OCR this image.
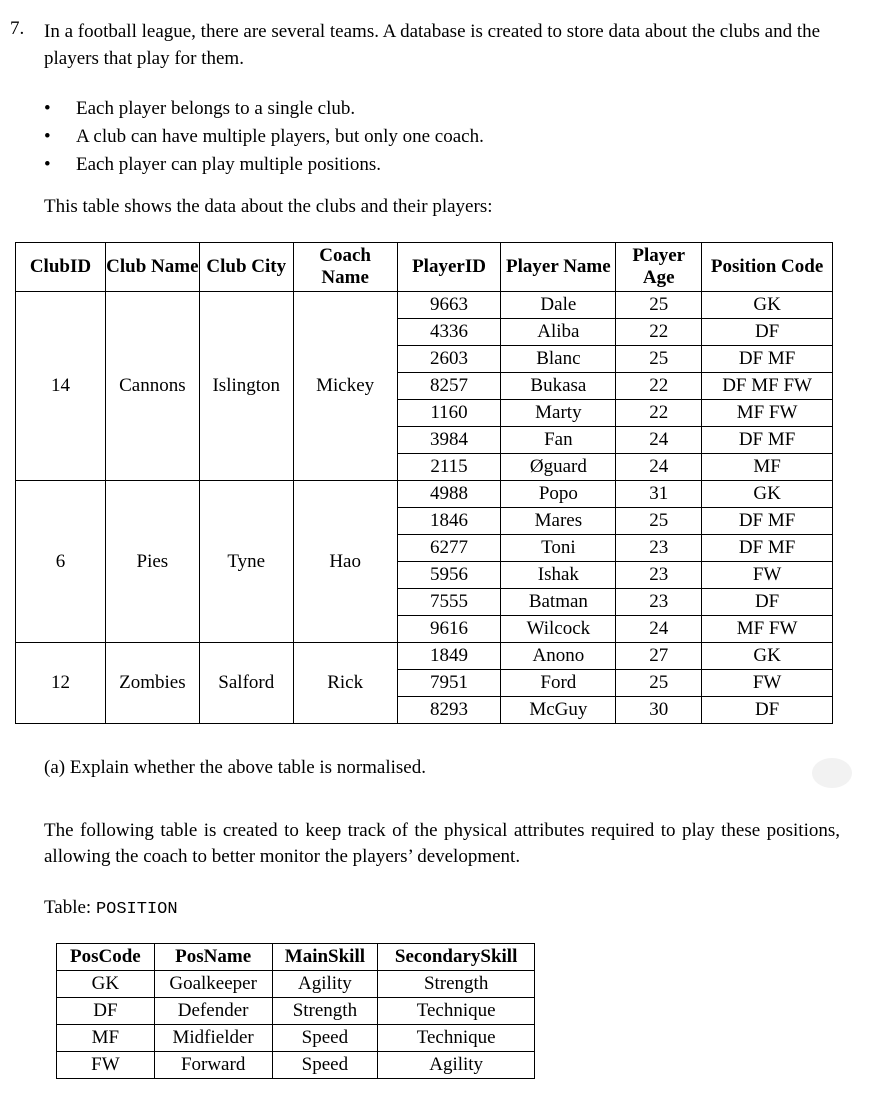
7. In a football league, there are several teams. A database is created to store data about the clubs and the players that play for them.
• Each player belongs to a single club.
• A club can have multiple players, but only one coach.
• Each player can play multiple positions.
This table shows the data about the clubs and their players:
ClubID	Club Name	Club City	Coach Name	PlayerID	Player Name	Player Age	Position Code
14	Cannons	Islington	Mickey	9663	Dale	25	GK
				4336	Aliba	22	DF
				2603	Blanc	25	DF MF
				8257	Bukasa	22	DF MF FW
				1160	Marty	22	MF FW
				3984	Fan	24	DF MF
				2115	Øguard	24	MF
6	Pies	Tyne	Hao	4988	Popo	31	GK
				1846	Mares	25	DF MF
				6277	Toni	23	DF MF
				5956	Ishak	23	FW
				7555	Batman	23	DF
				9616	Wilcock	24	MF FW
12	Zombies	Salford	Rick	1849	Anono	27	GK
				7951	Ford	25	FW
				8293	McGuy	30	DF
(a) Explain whether the above table is normalised.
The following table is created to keep track of the physical attributes required to play these positions, allowing the coach to better monitor the players’ development.
Table: POSITION
PosCode	PosName	MainSkill	SecondarySkill
GK	Goalkeeper	Agility	Strength
DF	Defender	Strength	Technique
MF	Midfielder	Speed	Technique
FW	Forward	Speed	Agility
